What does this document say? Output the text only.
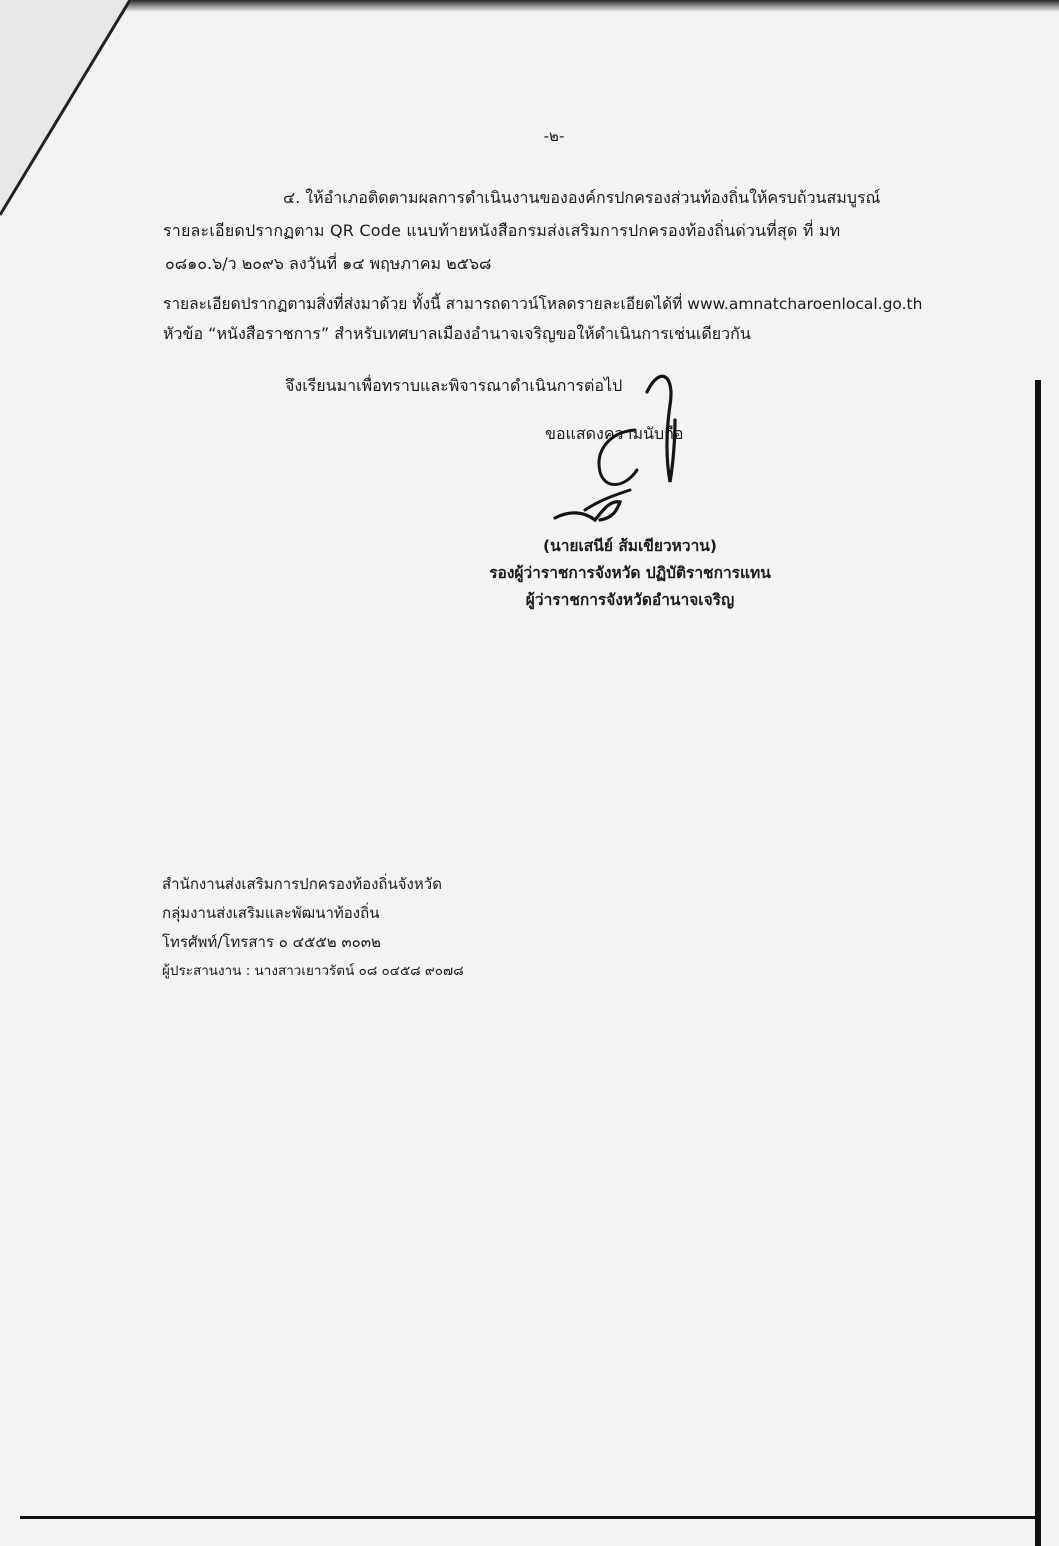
-๒-
๔. ให้อำเภอติดตามผลการดำเนินงานขององค์กรปกครองส่วนท้องถิ่นให้ครบถ้วนสมบูรณ์
รายละเอียดปรากฏตาม QR Code แนบท้ายหนังสือกรมส่งเสริมการปกครองท้องถิ่นด่วนที่สุด ที่ มท
๐๘๑๐.๖/ว ๒๐๙๖ ลงวันที่ ๑๔ พฤษภาคม ๒๕๖๘
รายละเอียดปรากฏตามสิ่งที่ส่งมาด้วย ทั้งนี้ สามารถดาวน์โหลดรายละเอียดได้ที่ www.amnatcharoenlocal.go.th
หัวข้อ “หนังสือราชการ” สำหรับเทศบาลเมืองอำนาจเจริญขอให้ดำเนินการเช่นเดียวกัน
จึงเรียนมาเพื่อทราบและพิจารณาดำเนินการต่อไป
ขอแสดงความนับถือ
(นายเสนีย์ ส้มเขียวหวาน)
รองผู้ว่าราชการจังหวัด ปฏิบัติราชการแทน
ผู้ว่าราชการจังหวัดอำนาจเจริญ
สำนักงานส่งเสริมการปกครองท้องถิ่นจังหวัด
กลุ่มงานส่งเสริมและพัฒนาท้องถิ่น
โทรศัพท์/โทรสาร ๐ ๔๕๕๒ ๓๐๓๒
ผู้ประสานงาน : นางสาวเยาวรัตน์ ๐๘ ๐๔๕๘ ๙๐๗๘
